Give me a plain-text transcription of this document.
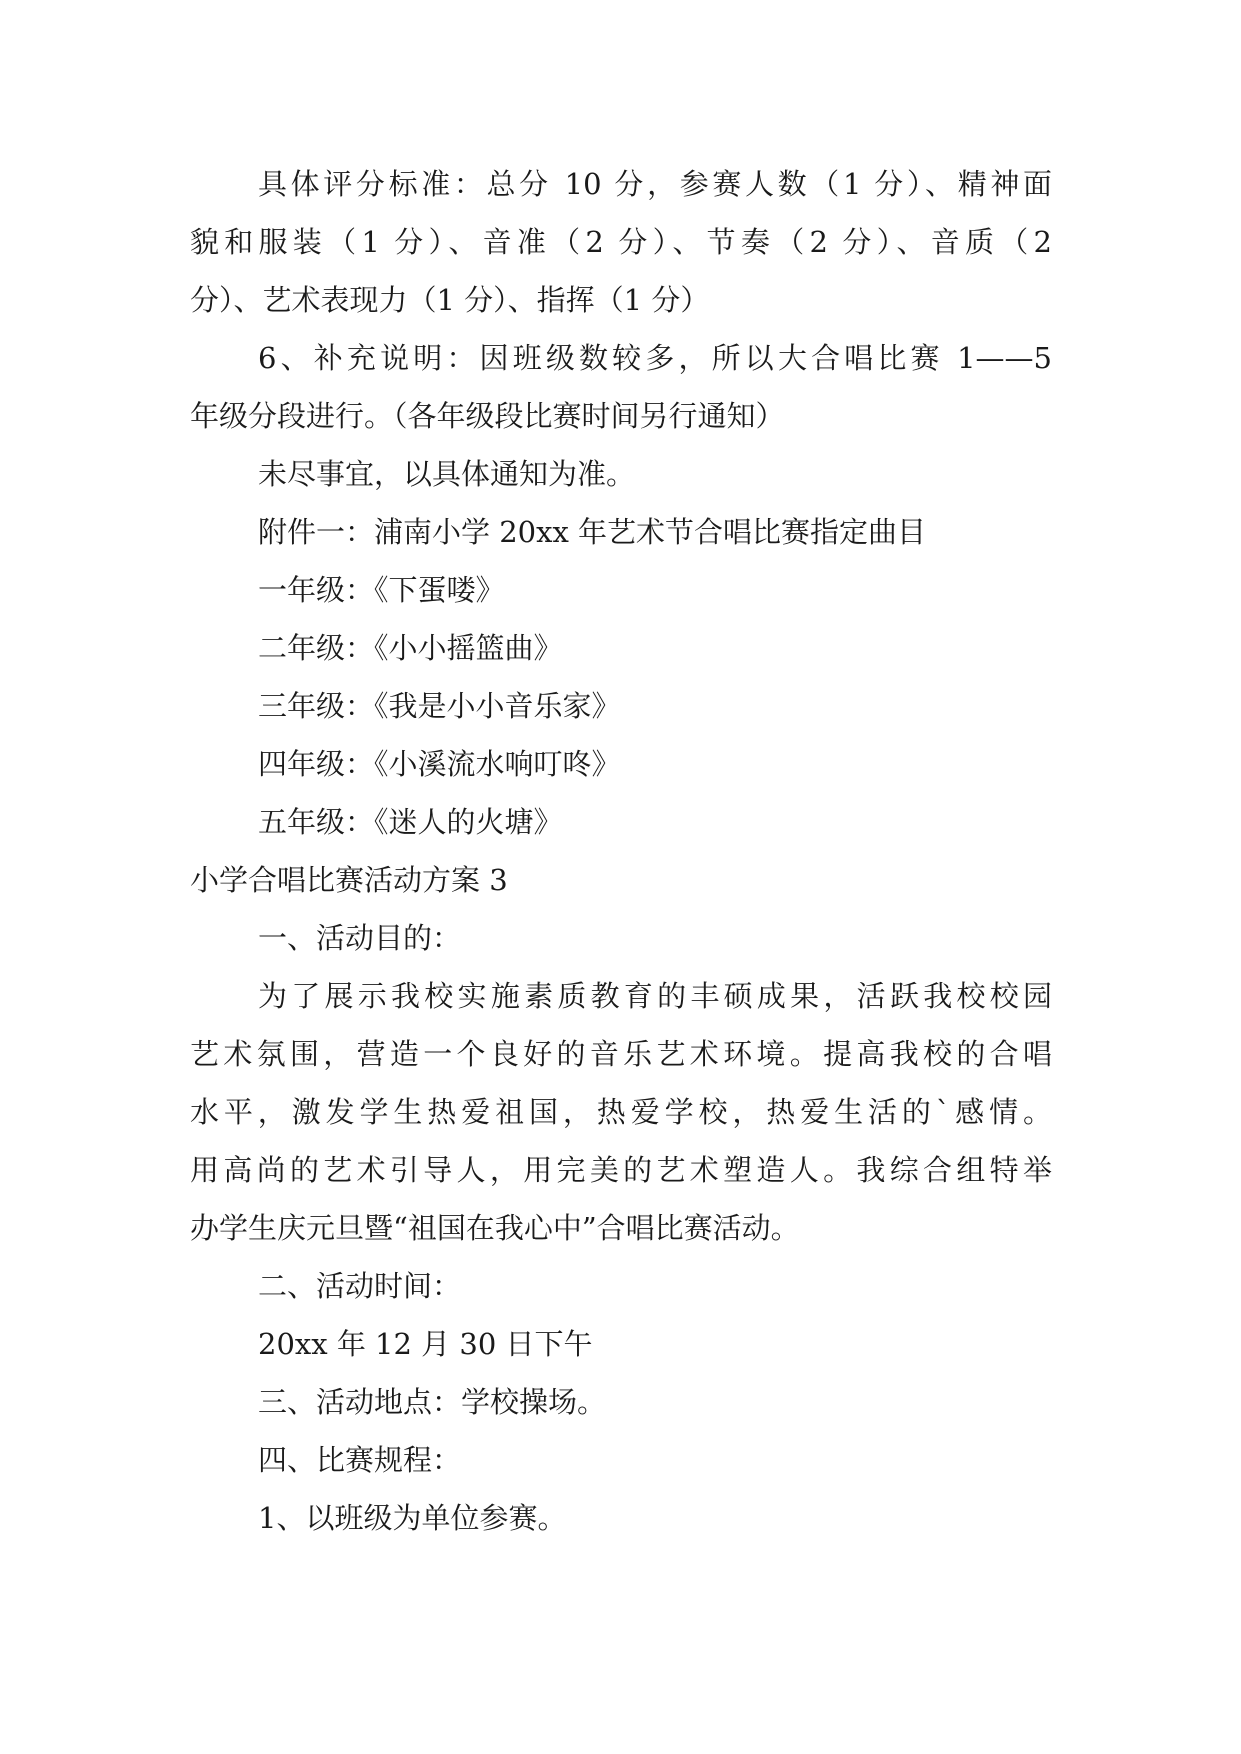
具体评分标准：总分 10 分，参赛人数（1 分）、精神面
貌和服装（1 分）、音准（2 分）、节奏（2 分）、音质（2
分）、艺术表现力（1 分）、指挥（1 分）
6、补充说明：因班级数较多，所以大合唱比赛 1——5
年级分段进行。（各年级段比赛时间另行通知）
未尽事宜，以具体通知为准。
附件一：浦南小学 20xx 年艺术节合唱比赛指定曲目
一年级：《下蛋喽》
二年级：《小小摇篮曲》
三年级：《我是小小音乐家》
四年级：《小溪流水响叮咚》
五年级：《迷人的火塘》
小学合唱比赛活动方案 3
一、活动目的：
为了展示我校实施素质教育的丰硕成果，活跃我校校园
艺术氛围，营造一个良好的音乐艺术环境。提高我校的合唱
水平，激发学生热爱祖国，热爱学校，热爱生活的`感情。
用高尚的艺术引导人，用完美的艺术塑造人。我综合组特举
办学生庆元旦暨“祖国在我心中”合唱比赛活动。
二、活动时间：
20xx 年 12 月 30 日下午
三、活动地点：学校操场。
四、比赛规程：
1、以班级为单位参赛。
